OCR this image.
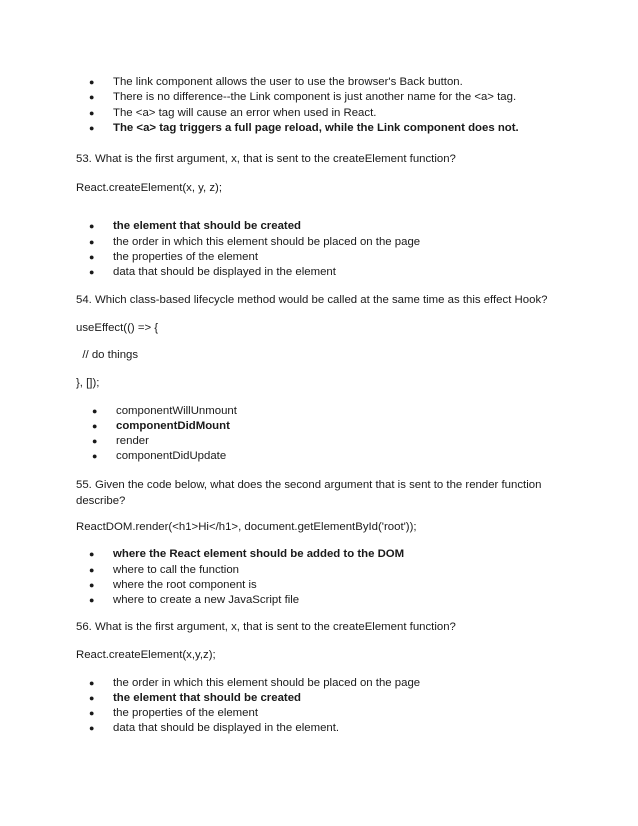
● The link component allows the user to use the browser's Back button.
● There is no difference--the Link component is just another name for the <a> tag.
● The <a> tag will cause an error when used in React.
● The <a> tag triggers a full page reload, while the Link component does not.
53. What is the first argument, x, that is sent to the createElement function?
React.createElement(x, y, z);
● the element that should be created
● the order in which this element should be placed on the page
● the properties of the element
● data that should be displayed in the element
54. Which class-based lifecycle method would be called at the same time as this effect Hook?
useEffect(() => {
// do things
}, []);
● componentWillUnmount
● componentDidMount
● render
● componentDidUpdate
55. Given the code below, what does the second argument that is sent to the render function
describe?
ReactDOM.render(<h1>Hi</h1>, document.getElementById('root'));
● where the React element should be added to the DOM
● where to call the function
● where the root component is
● where to create a new JavaScript file
56. What is the first argument, x, that is sent to the createElement function?
React.createElement(x,y,z);
● the order in which this element should be placed on the page
● the element that should be created
● the properties of the element
● data that should be displayed in the element.
